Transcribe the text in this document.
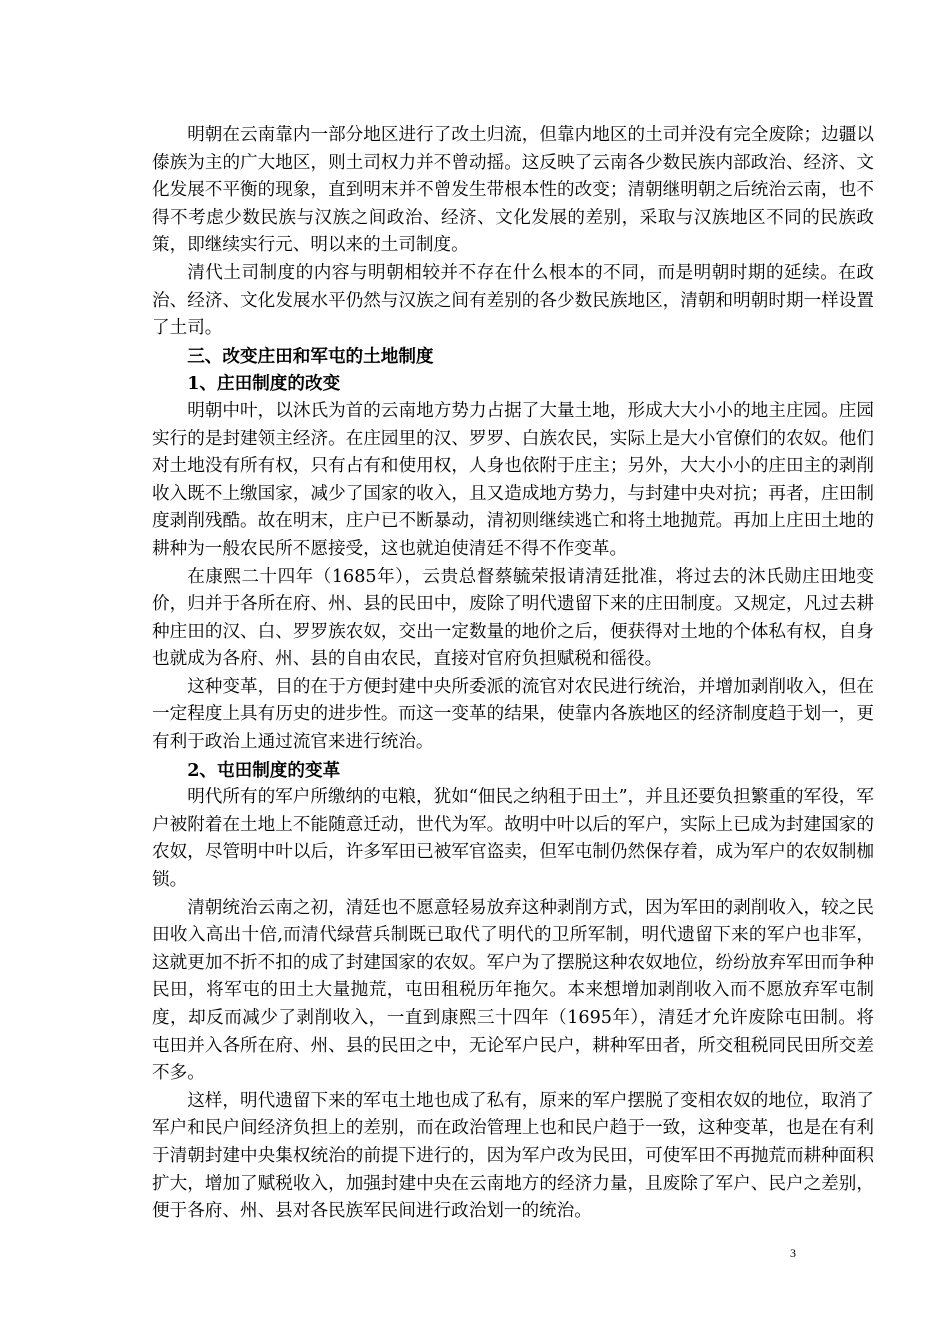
明朝在云南靠内一部分地区进行了改土归流，但靠内地区的土司并没有完全废除；边疆以傣族为主的广大地区，则土司权力并不曾动摇。这反映了云南各少数民族内部政治、经济、文化发展不平衡的现象，直到明末并不曾发生带根本性的改变；清朝继明朝之后统治云南，也不得不考虑少数民族与汉族之间政治、经济、文化发展的差别，采取与汉族地区不同的民族政策，即继续实行元、明以来的土司制度。

清代土司制度的内容与明朝相较并不存在什么根本的不同，而是明朝时期的延续。在政治、经济、文化发展水平仍然与汉族之间有差别的各少数民族地区，清朝和明朝时期一样设置了土司。

三、改变庄田和军屯的土地制度

1、庄田制度的改变

明朝中叶，以沐氏为首的云南地方势力占据了大量土地，形成大大小小的地主庄园。庄园实行的是封建领主经济。在庄园里的汉、罗罗、白族农民，实际上是大小官僚们的农奴。他们对土地没有所有权，只有占有和使用权，人身也依附于庄主；另外，大大小小的庄田主的剥削收入既不上缴国家，减少了国家的收入，且又造成地方势力，与封建中央对抗；再者，庄田制度剥削残酷。故在明末，庄户已不断暴动，清初则继续逃亡和将土地抛荒。再加上庄田土地的耕种为一般农民所不愿接受，这也就迫使清廷不得不作变革。

在康熙二十四年（1685年），云贵总督蔡毓荣报请清廷批准，将过去的沐氏勋庄田地变价，归并于各所在府、州、县的民田中，废除了明代遗留下来的庄田制度。又规定，凡过去耕种庄田的汉、白、罗罗族农奴，交出一定数量的地价之后，便获得对土地的个体私有权，自身也就成为各府、州、县的自由农民，直接对官府负担赋税和徭役。

这种变革，目的在于方便封建中央所委派的流官对农民进行统治，并增加剥削收入，但在一定程度上具有历史的进步性。而这一变革的结果，使靠内各族地区的经济制度趋于划一，更有利于政治上通过流官来进行统治。

2、屯田制度的变革

明代所有的军户所缴纳的屯粮，犹如“佃民之纳租于田土”，并且还要负担繁重的军役，军户被附着在土地上不能随意迁动，世代为军。故明中叶以后的军户，实际上已成为封建国家的农奴，尽管明中叶以后，许多军田已被军官盗卖，但军屯制仍然保存着，成为军户的农奴制枷锁。

清朝统治云南之初，清廷也不愿意轻易放弃这种剥削方式，因为军田的剥削收入，较之民田收入高出十倍,而清代绿营兵制既已取代了明代的卫所军制，明代遗留下来的军户也非军，这就更加不折不扣的成了封建国家的农奴。军户为了摆脱这种农奴地位，纷纷放弃军田而争种民田，将军屯的田土大量抛荒，屯田租税历年拖欠。本来想增加剥削收入而不愿放弃军屯制度，却反而减少了剥削收入，一直到康熙三十四年（1695年），清廷才允许废除屯田制。将屯田并入各所在府、州、县的民田之中，无论军户民户，耕种军田者，所交租税同民田所交差不多。

这样，明代遗留下来的军屯土地也成了私有，原来的军户摆脱了变相农奴的地位，取消了军户和民户间经济负担上的差别，而在政治管理上也和民户趋于一致，这种变革，也是在有利于清朝封建中央集权统治的前提下进行的，因为军户改为民田，可使军田不再抛荒而耕种面积扩大，增加了赋税收入，加强封建中央在云南地方的经济力量，且废除了军户、民户之差别，便于各府、州、县对各民族军民间进行政治划一的统治。

3
